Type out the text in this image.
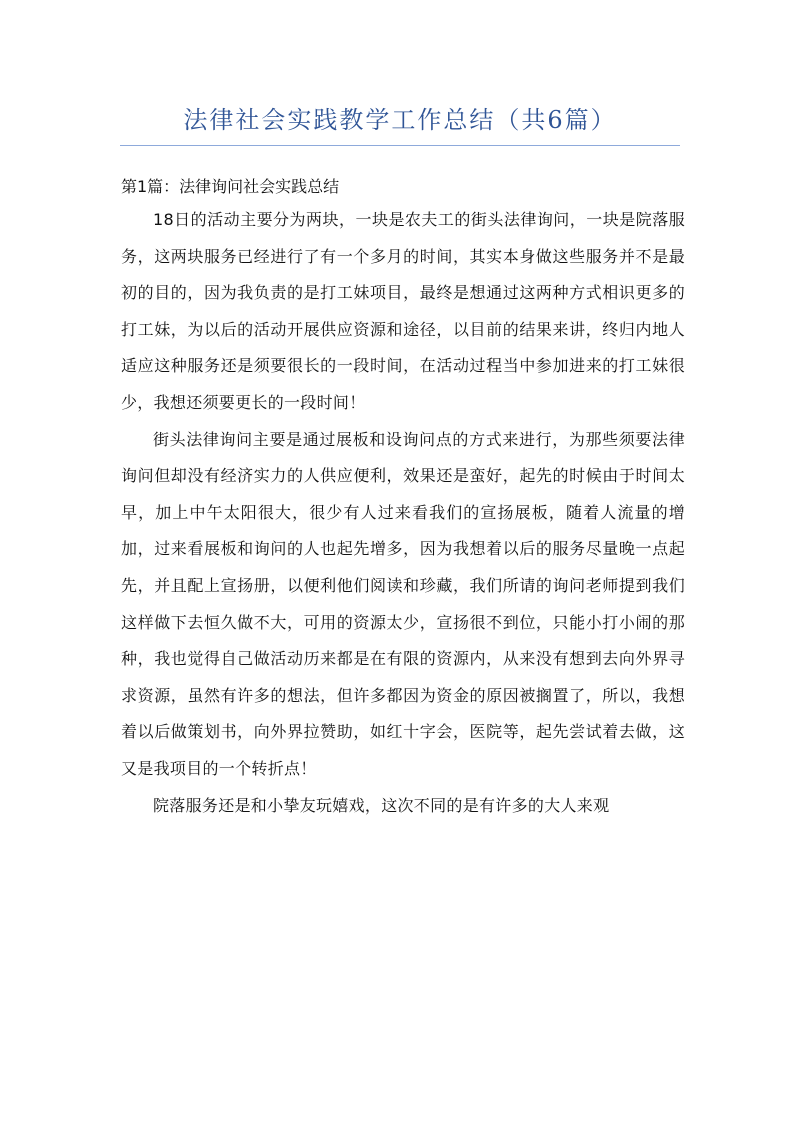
法律社会实践教学工作总结（共6篇）
第1篇：法律询问社会实践总结

18日的活动主要分为两块，一块是农夫工的街头法律询问，一块是院落服务，这两块服务已经进行了有一个多月的时间，其实本身做这些服务并不是最初的目的，因为我负责的是打工妹项目，最终是想通过这两种方式相识更多的打工妹，为以后的活动开展供应资源和途径，以目前的结果来讲，终归内地人适应这种服务还是须要很长的一段时间，在活动过程当中参加进来的打工妹很少，我想还须要更长的一段时间！

街头法律询问主要是通过展板和设询问点的方式来进行，为那些须要法律询问但却没有经济实力的人供应便利，效果还是蛮好，起先的时候由于时间太早，加上中午太阳很大，很少有人过来看我们的宣扬展板，随着人流量的增加，过来看展板和询问的人也起先增多，因为我想着以后的服务尽量晚一点起先，并且配上宣扬册，以便利他们阅读和珍藏，我们所请的询问老师提到我们这样做下去恒久做不大，可用的资源太少，宣扬很不到位，只能小打小闹的那种，我也觉得自己做活动历来都是在有限的资源内，从来没有想到去向外界寻求资源，虽然有许多的想法，但许多都因为资金的原因被搁置了，所以，我想着以后做策划书，向外界拉赞助，如红十字会，医院等，起先尝试着去做，这又是我项目的一个转折点！

院落服务还是和小挚友玩嬉戏，这次不同的是有许多的大人来观
